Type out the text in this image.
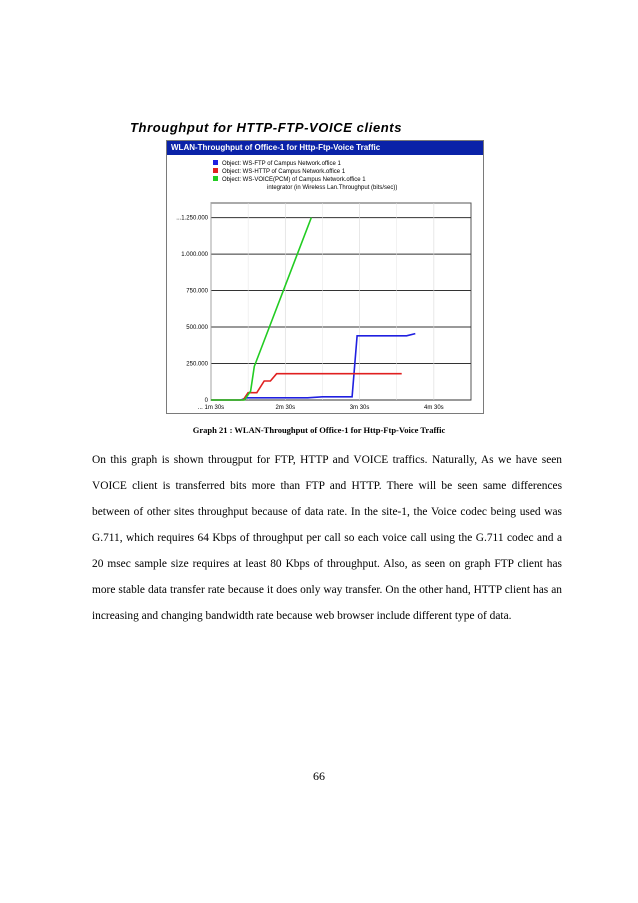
Throughput for HTTP-FTP-VOICE clients
WLAN-Throughput of Office-1 for Http-Ftp-Voice Traffic
Object: WS-FTP of Campus Network.office 1
Object: WS-HTTP of Campus Network.office 1
Object: WS-VOICE(PCM) of Campus Network.office 1
integrator (in Wireless Lan.Throughput (bits/sec))
0
250.000
500.000
750.000
1.000.000
...1.250.000
... 1m 30s	2m 30s	3m 30s	4m 30s
Graph 21 : WLAN-Throughput of Office-1 for Http-Ftp-Voice Traffic
On this graph is shown througput for FTP, HTTP and VOICE traffics. Naturally, As we have seen VOICE client is transferred bits more than FTP and HTTP. There will be seen same differences between of other sites throughput because of data rate. In the site-1, the Voice codec being used was G.711, which requires 64 Kbps of throughput per call so each voice call using the G.711 codec and a 20 msec sample size requires at least 80 Kbps of throughput. Also, as seen on graph FTP client has more stable data transfer rate because it does only way transfer. On the other hand, HTTP client has an increasing and changing bandwidth rate because web browser include different type of data.
66
